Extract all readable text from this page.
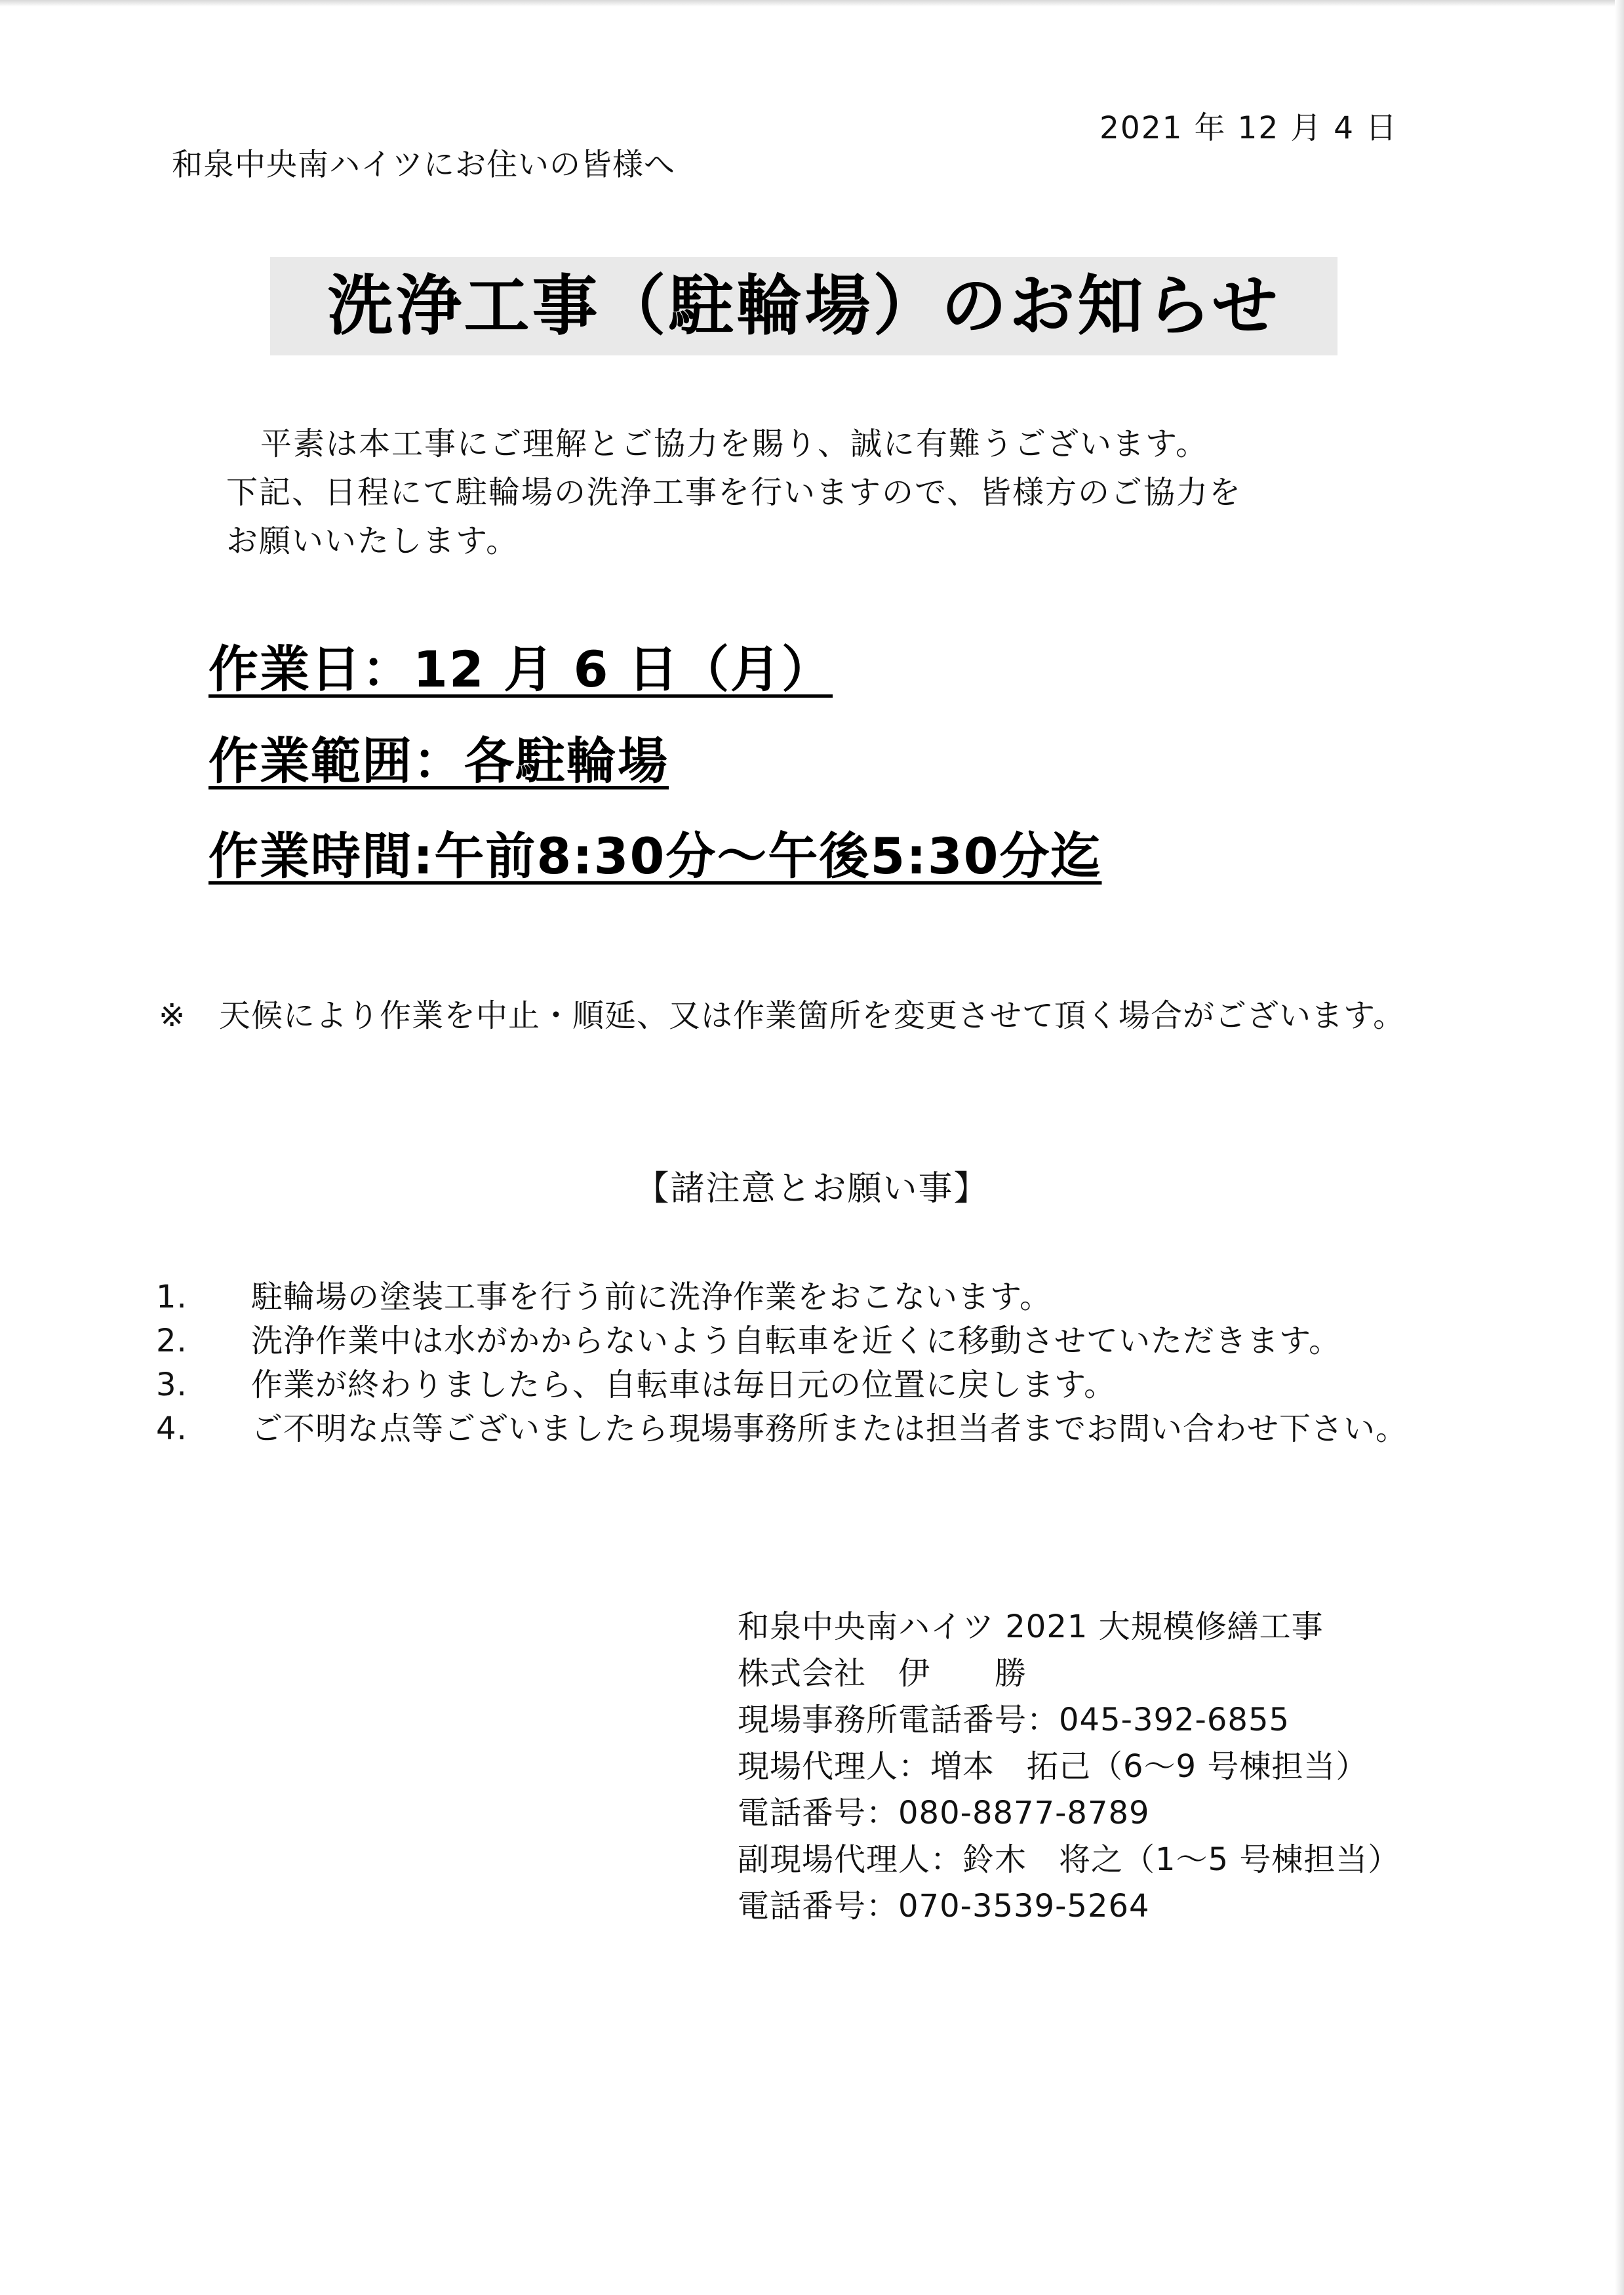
2021 年 12 月 4 日
和泉中央南ハイツにお住いの皆様へ
洗浄工事（駐輪場）のお知らせ
平素は本工事にご理解とご協力を賜り、誠に有難うございます。
下記、日程にて駐輪場の洗浄工事を行いますので、皆様方のご協力を
お願いいたします。
作業日：12 月 6 日（月）
作業範囲：各駐輪場
作業時間:午前8:30分～午後5:30分迄
※ 天候により作業を中止・順延、又は作業箇所を変更させて頂く場合がございます。
【諸注意とお願い事】
1. 駐輪場の塗装工事を行う前に洗浄作業をおこないます。
2. 洗浄作業中は水がかからないよう自転車を近くに移動させていただきます。
3. 作業が終わりましたら、自転車は毎日元の位置に戻します。
4. ご不明な点等ございましたら現場事務所または担当者までお問い合わせ下さい。
和泉中央南ハイツ 2021 大規模修繕工事
株式会社　伊　　勝
現場事務所電話番号：045-392-6855
現場代理人：増本　拓己（6～9 号棟担当）
電話番号：080-8877-8789
副現場代理人：鈴木　将之（1～5 号棟担当）
電話番号：070-3539-5264
